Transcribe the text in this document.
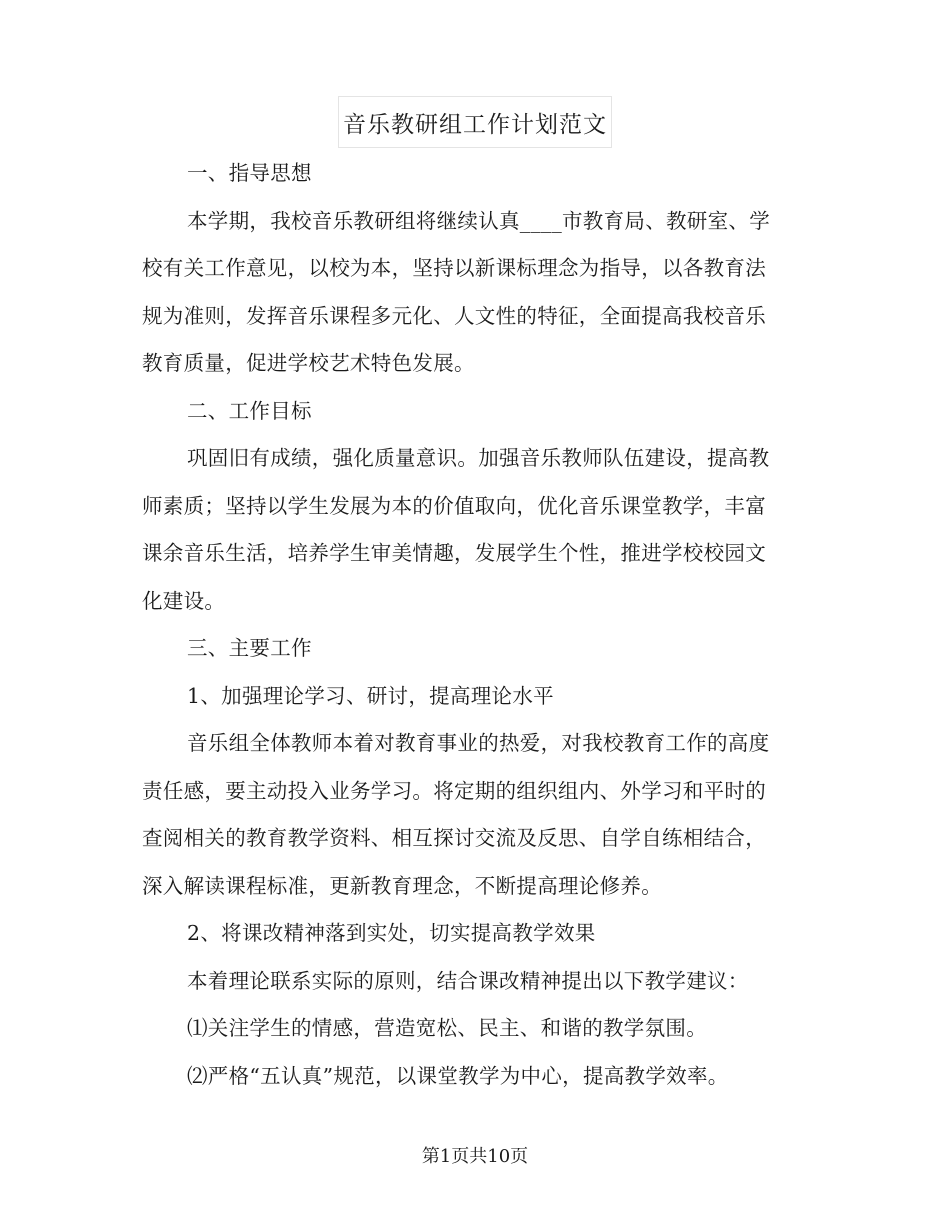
音乐教研组工作计划范文
一、指导思想
本学期，我校音乐教研组将继续认真____市教育局、教研室、学
校有关工作意见，以校为本，坚持以新课标理念为指导，以各教育法
规为准则，发挥音乐课程多元化、人文性的特征，全面提高我校音乐
教育质量，促进学校艺术特色发展。
二、工作目标
巩固旧有成绩，强化质量意识。加强音乐教师队伍建设，提高教
师素质；坚持以学生发展为本的价值取向，优化音乐课堂教学，丰富
课余音乐生活，培养学生审美情趣，发展学生个性，推进学校校园文
化建设。
三、主要工作
1、加强理论学习、研讨，提高理论水平
音乐组全体教师本着对教育事业的热爱，对我校教育工作的高度
责任感，要主动投入业务学习。将定期的组织组内、外学习和平时的
查阅相关的教育教学资料、相互探讨交流及反思、自学自练相结合，
深入解读课程标准，更新教育理念，不断提高理论修养。
2、将课改精神落到实处，切实提高教学效果
本着理论联系实际的原则，结合课改精神提出以下教学建议：
⑴关注学生的情感，营造宽松、民主、和谐的教学氛围。
⑵严格“五认真”规范，以课堂教学为中心，提高教学效率。
第1页共10页
